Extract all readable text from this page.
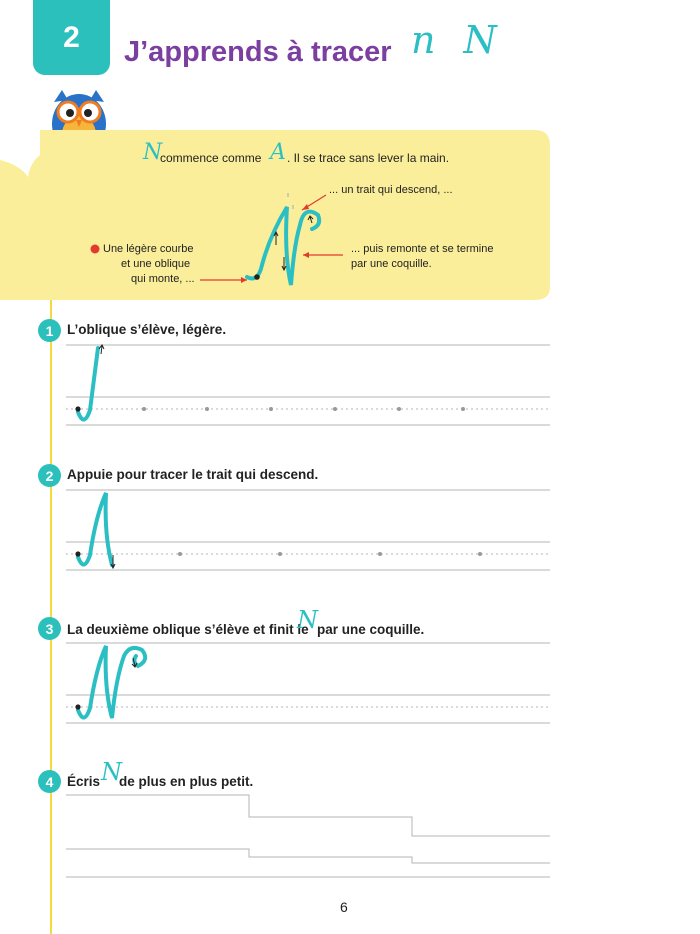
2 J’apprends à tracer n N
N
commence comme A . Il se trace sans lever la main.
... un trait qui descend, ...
Une légère courbe
et une oblique
qui monte, ...
... puis remonte et se termine
par une coquille.
1 L’oblique s’élève, légère.
2 Appuie pour tracer le trait qui descend.
3 La deuxième oblique s’élève et finit le
N par une coquille.
4 Écris N
de plus en plus petit.
6
